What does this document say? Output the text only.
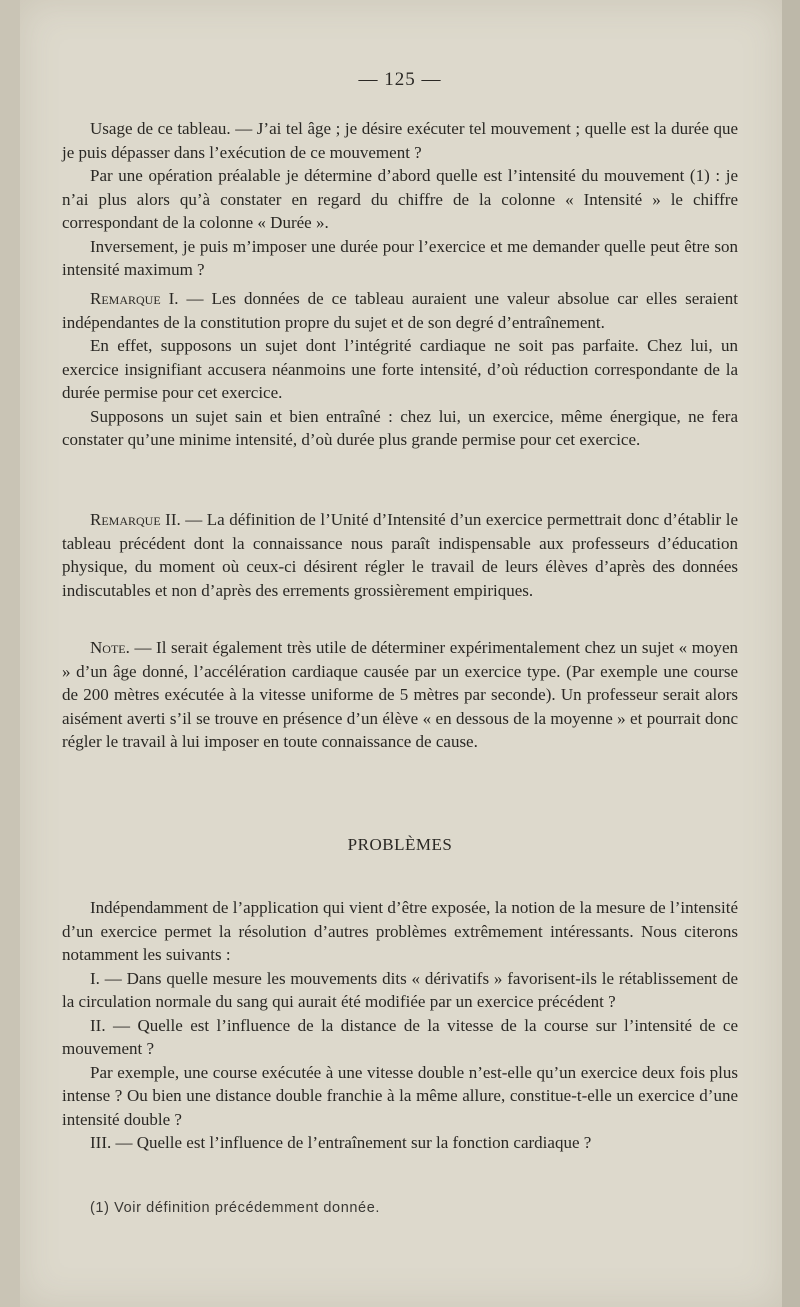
— 125 —

Usage de ce tableau. — J’ai tel âge ; je désire exécuter tel mouvement ; quelle est la durée que je puis dépasser dans l’exécution de ce mouvement ?

Par une opération préalable je détermine d’abord quelle est l’intensité du mouvement (1) : je n’ai plus alors qu’à constater en regard du chiffre de la colonne « Intensité » le chiffre correspondant de la colonne « Durée ».

Inversement, je puis m’imposer une durée pour l’exercice et me demander quelle peut être son intensité maximum ?

Remarque I. — Les données de ce tableau auraient une valeur absolue car elles seraient indépendantes de la constitution propre du sujet et de son degré d’entraînement.

En effet, supposons un sujet dont l’intégrité cardiaque ne soit pas parfaite. Chez lui, un exercice insignifiant accusera néanmoins une forte intensité, d’où réduction correspondante de la durée permise pour cet exercice.

Supposons un sujet sain et bien entraîné : chez lui, un exercice, même énergique, ne fera constater qu’une minime intensité, d’où durée plus grande permise pour cet exercice.

Remarque II. — La définition de l’Unité d’Intensité d’un exercice permettrait donc d’établir le tableau précédent dont la connaissance nous paraît indispensable aux professeurs d’éducation physique, du moment où ceux-ci désirent régler le travail de leurs élèves d’après des données indiscutables et non d’après des errements grossièrement empiriques.

Note. — Il serait également très utile de déterminer expérimentalement chez un sujet « moyen » d’un âge donné, l’accélération cardiaque causée par un exercice type. (Par exemple une course de 200 mètres exécutée à la vitesse uniforme de 5 mètres par seconde). Un professeur serait alors aisément averti s’il se trouve en présence d’un élève « en dessous de la moyenne » et pourrait donc régler le travail à lui imposer en toute connaissance de cause.

PROBLÈMES

Indépendamment de l’application qui vient d’être exposée, la notion de la mesure de l’intensité d’un exercice permet la résolution d’autres problèmes extrêmement intéressants. Nous citerons notamment les suivants :

I. — Dans quelle mesure les mouvements dits « dérivatifs » favorisent-ils le rétablissement de la circulation normale du sang qui aurait été modifiée par un exercice précédent ?

II. — Quelle est l’influence de la distance de la vitesse de la course sur l’intensité de ce mouvement ?

Par exemple, une course exécutée à une vitesse double n’est-elle qu’un exercice deux fois plus intense ? Ou bien une distance double franchie à la même allure, constitue-t-elle un exercice d’une intensité double ?

III. — Quelle est l’influence de l’entraînement sur la fonction cardiaque ?

(1) Voir définition précédemment donnée.
